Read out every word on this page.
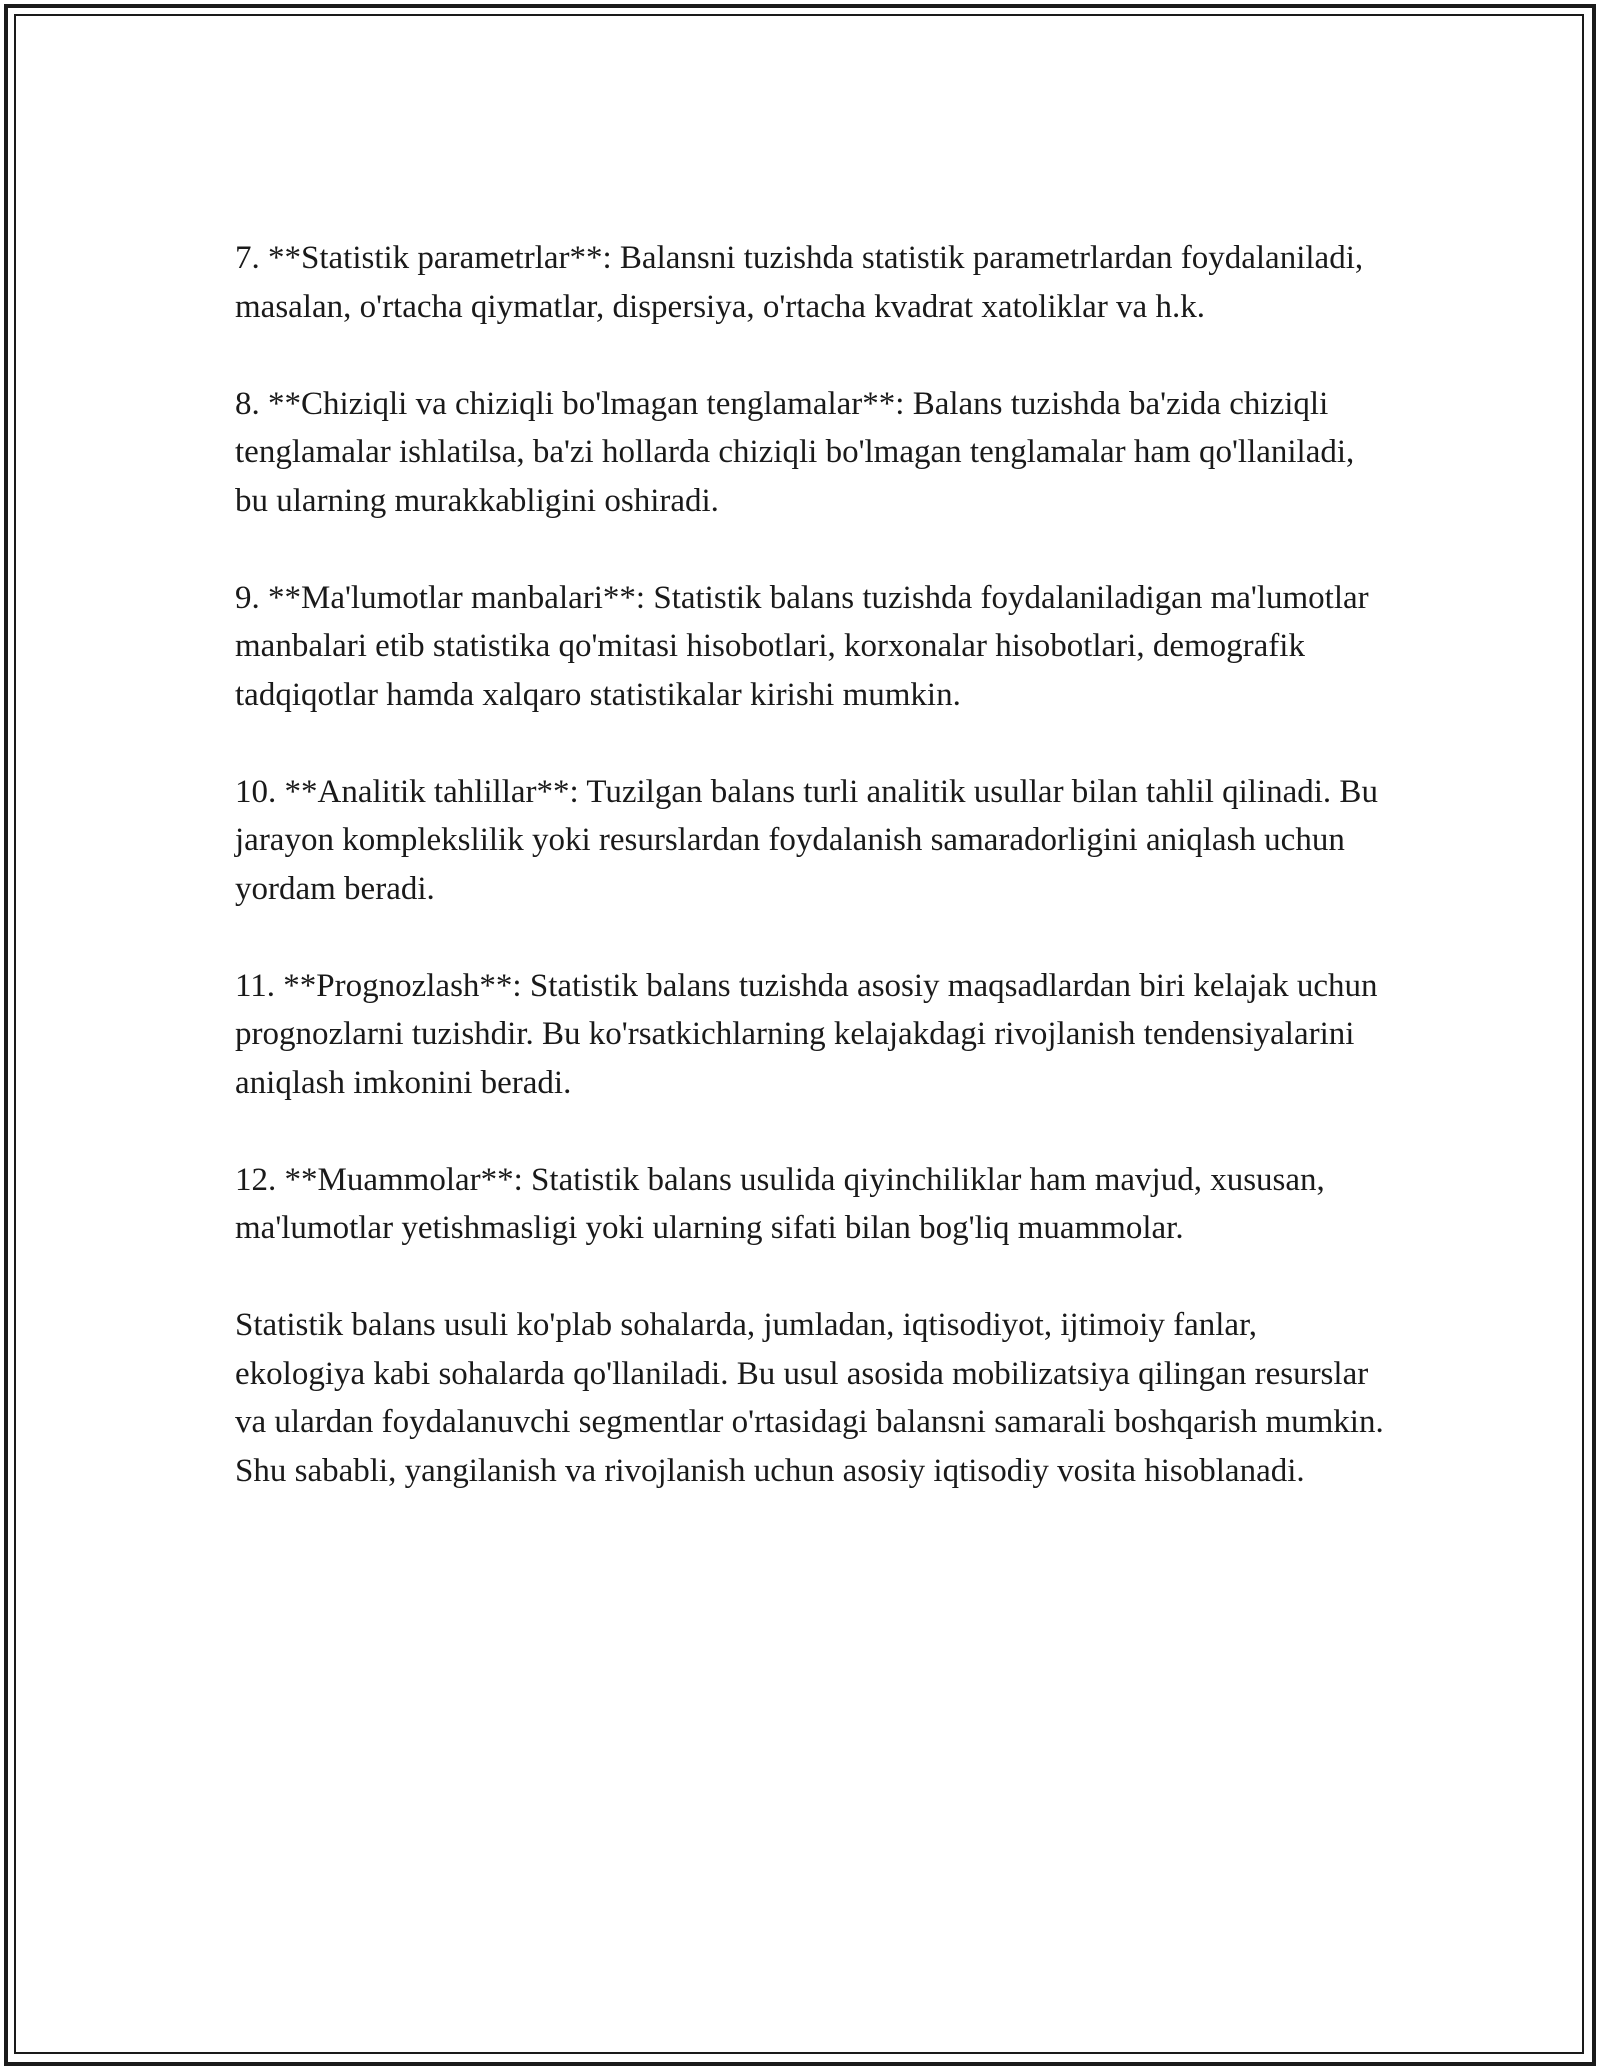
7. **Statistik parametrlar**: Balansni tuzishda statistik parametrlardan foydalaniladi, masalan, o'rtacha qiymatlar, dispersiya, o'rtacha kvadrat xatoliklar va h.k.

8. **Chiziqli va chiziqli bo'lmagan tenglamalar**: Balans tuzishda ba'zida chiziqli tenglamalar ishlatilsa, ba'zi hollarda chiziqli bo'lmagan tenglamalar ham qo'llaniladi, bu ularning murakkabligini oshiradi.

9. **Ma'lumotlar manbalari**: Statistik balans tuzishda foydalaniladigan ma'lumotlar manbalari etib statistika qo'mitasi hisobotlari, korxonalar hisobotlari, demografik tadqiqotlar hamda xalqaro statistikalar kirishi mumkin.

10. **Analitik tahlillar**: Tuzilgan balans turli analitik usullar bilan tahlil qilinadi. Bu jarayon komplekslilik yoki resurslardan foydalanish samaradorligini aniqlash uchun yordam beradi.

11. **Prognozlash**: Statistik balans tuzishda asosiy maqsadlardan biri kelajak uchun prognozlarni tuzishdir. Bu ko'rsatkichlarning kelajakdagi rivojlanish tendensiyalarini aniqlash imkonini beradi.

12. **Muammolar**: Statistik balans usulida qiyinchiliklar ham mavjud, xususan, ma'lumotlar yetishmasligi yoki ularning sifati bilan bog'liq muammolar.

Statistik balans usuli ko'plab sohalarda, jumladan, iqtisodiyot, ijtimoiy fanlar, ekologiya kabi sohalarda qo'llaniladi. Bu usul asosida mobilizatsiya qilingan resurslar va ulardan foydalanuvchi segmentlar o'rtasidagi balansni samarali boshqarish mumkin. Shu sababli, yangilanish va rivojlanish uchun asosiy iqtisodiy vosita hisoblanadi.
